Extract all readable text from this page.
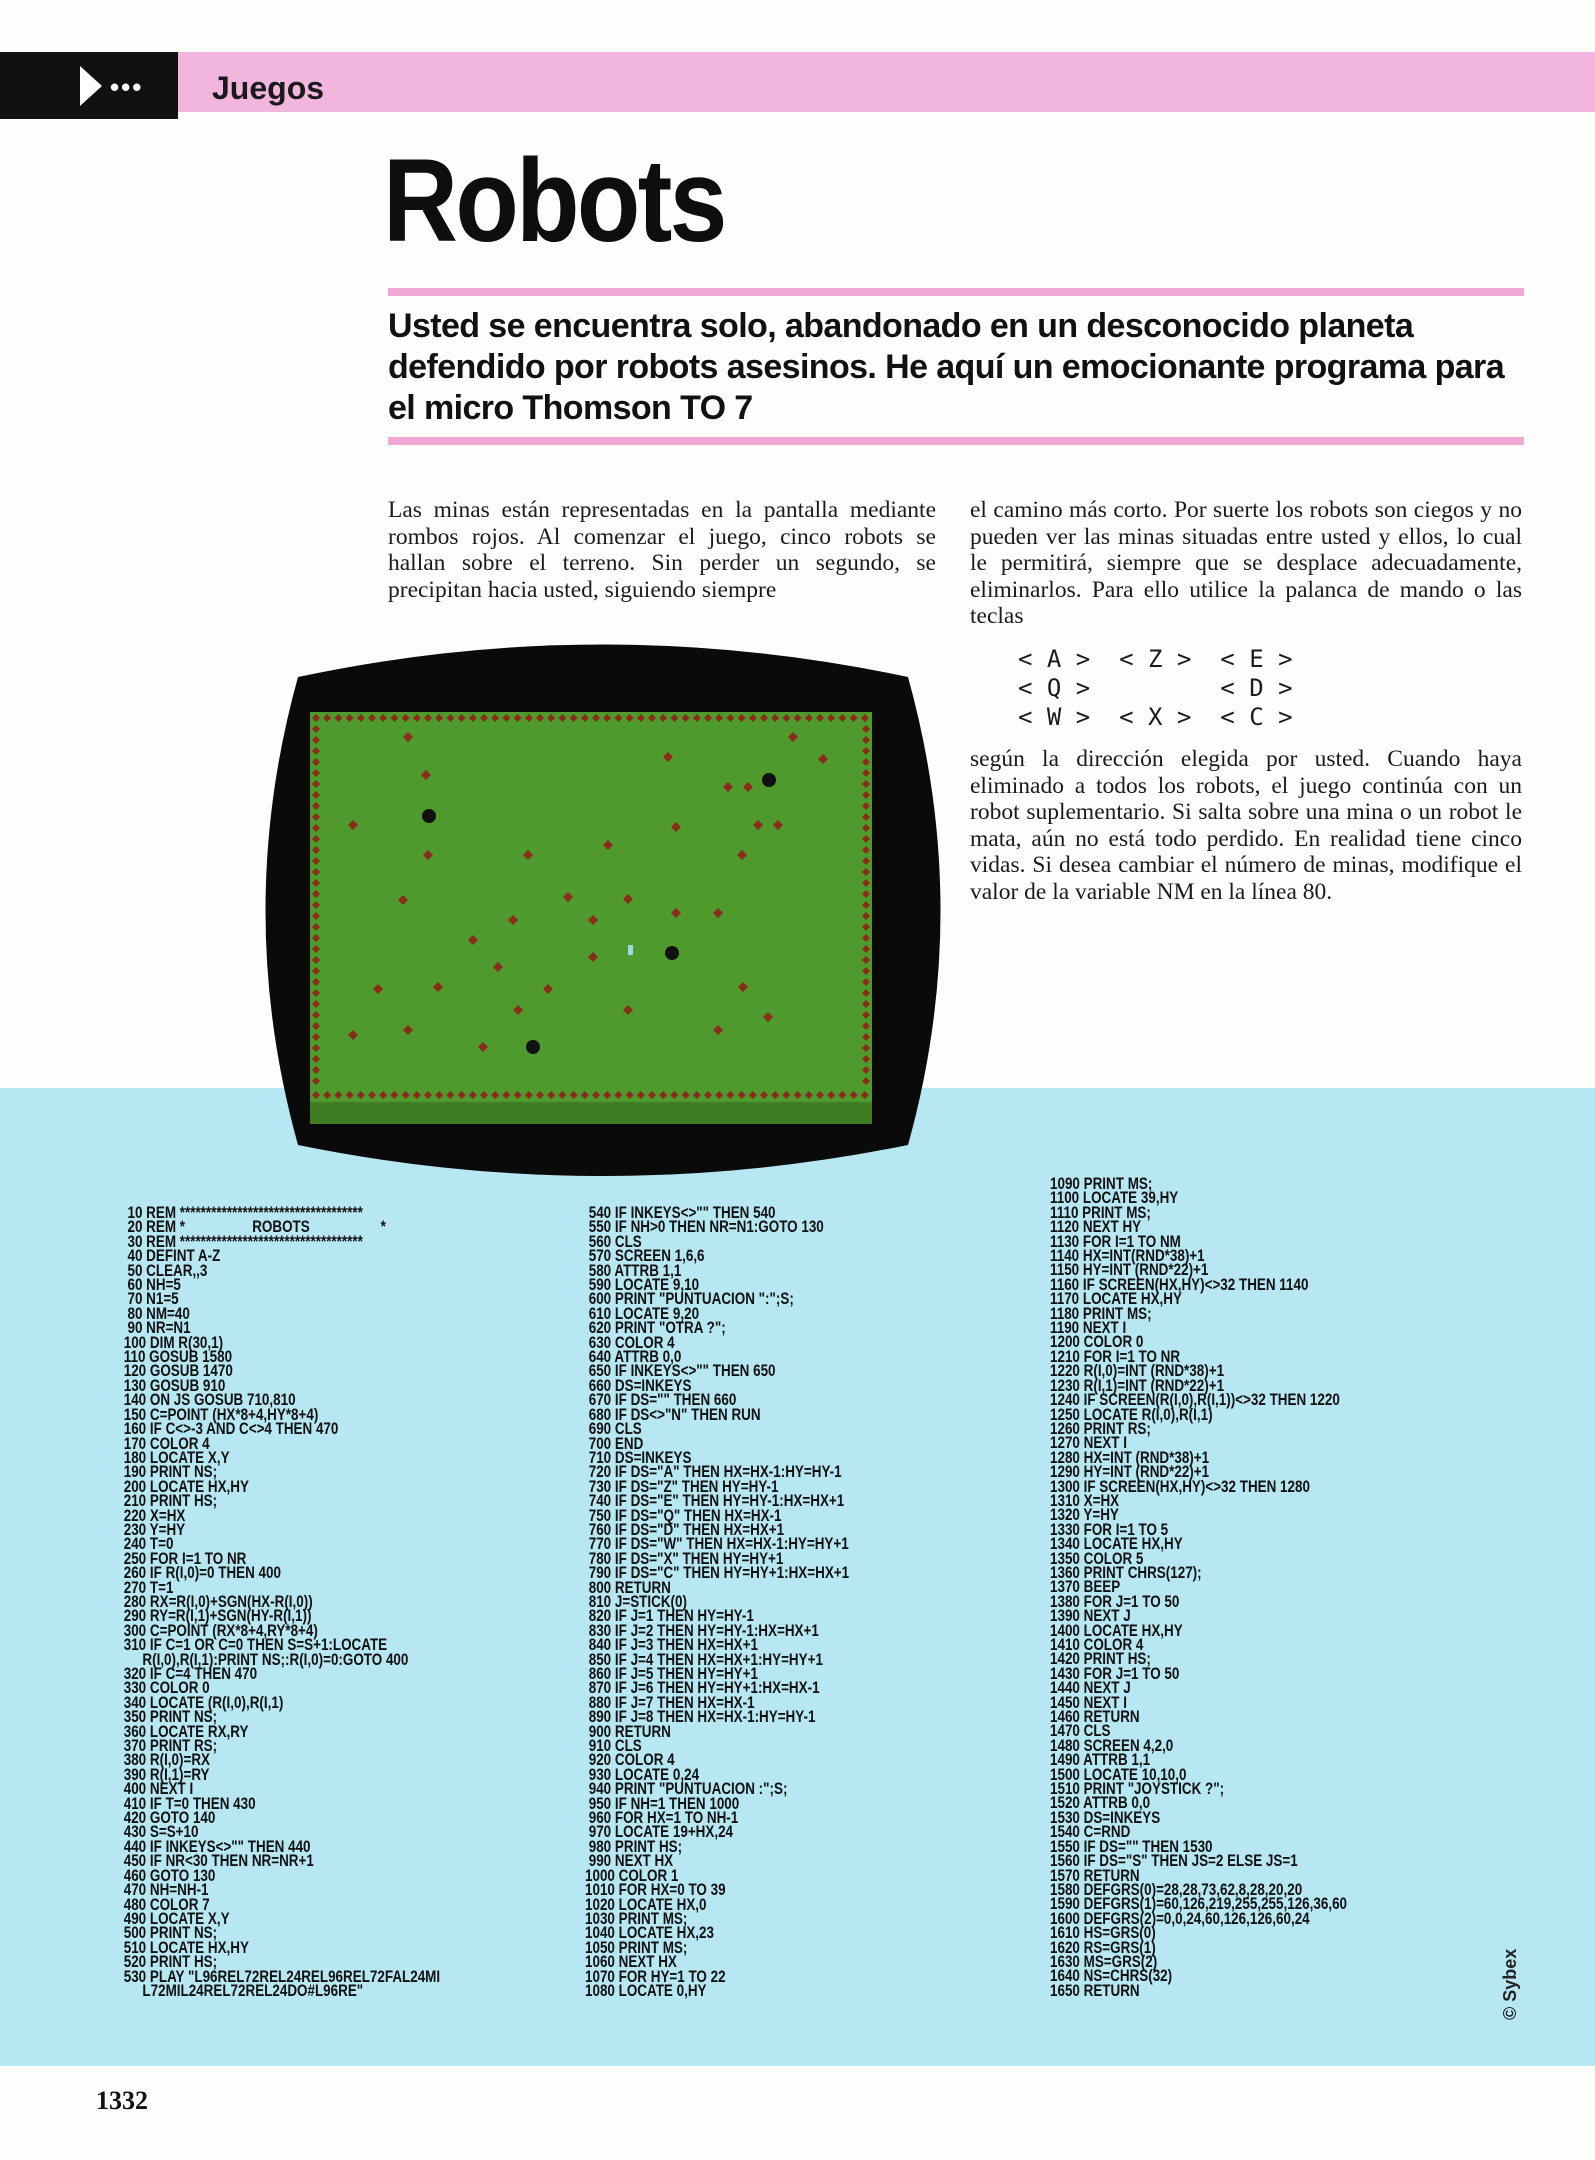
••• Juegos
Robots
Usted se encuentra solo, abandonado en un desconocido planeta defendido por robots asesinos. He aquí un emocionante programa para el micro Thomson TO 7
Las minas están representadas en la pantalla mediante rombos rojos. Al comenzar el juego, cinco robots se hallan sobre el terreno. Sin perder un segundo, se precipitan hacia usted, siguiendo siempre
el camino más corto. Por suerte los robots son ciegos y no pueden ver las minas situadas entre usted y ellos, lo cual le permitirá, siempre que se desplace adecuadamente, eliminarlos. Para ello utilice la palanca de mando o las teclas
< A >  < Z >  < E >
< Q >         < D >
< W >  < X >  < C >
según la dirección elegida por usted. Cuando haya eliminado a todos los robots, el juego continúa con un robot suplementario. Si salta sobre una mina o un robot le mata, aún no está todo perdido. En realidad tiene cinco vidas. Si desea cambiar el número de minas, modifique el valor de la variable NM en la línea 80.
10 REM ***********************************
20 REM *                  ROBOTS                   *
30 REM ***********************************
40 DEFINT A-Z
50 CLEAR,,3
60 NH=5
70 N1=5
80 NM=40
90 NR=N1
100 DIM R(30,1)
110 GOSUB 1580
120 GOSUB 1470
130 GOSUB 910
140 ON JS GOSUB 710,810
150 C=POINT (HX*8+4,HY*8+4)
160 IF C<>-3 AND C<>4 THEN 470
170 COLOR 4
180 LOCATE X,Y
190 PRINT NS;
200 LOCATE HX,HY
210 PRINT HS;
220 X=HX
230 Y=HY
240 T=0
250 FOR I=1 TO NR
260 IF R(I,0)=0 THEN 400
270 T=1
280 RX=R(I,0)+SGN(HX-R(I,0))
290 RY=R(I,1)+SGN(HY-R(I,1))
300 C=POINT (RX*8+4,RY*8+4)
310 IF C=1 OR C=0 THEN S=S+1:LOCATE
R(I,0),R(I,1):PRINT NS;:R(I,0)=0:GOTO 400
320 IF C=4 THEN 470
330 COLOR 0
340 LOCATE (R(I,0),R(I,1)
350 PRINT NS;
360 LOCATE RX,RY
370 PRINT RS;
380 R(I,0)=RX
390 R(I,1)=RY
400 NEXT I
410 IF T=0 THEN 430
420 GOTO 140
430 S=S+10
440 IF INKEYS<>"" THEN 440
450 IF NR<30 THEN NR=NR+1
460 GOTO 130
470 NH=NH-1
480 COLOR 7
490 LOCATE X,Y
500 PRINT NS;
510 LOCATE HX,HY
520 PRINT HS;
530 PLAY "L96REL72REL24REL96REL72FAL24MI
L72MIL24REL72REL24DO#L96RE"
540 IF INKEYS<>"" THEN 540
550 IF NH>0 THEN NR=N1:GOTO 130
560 CLS
570 SCREEN 1,6,6
580 ATTRB 1,1
590 LOCATE 9,10
600 PRINT "PUNTUACION ":";S;
610 LOCATE 9,20
620 PRINT "OTRA ?";
630 COLOR 4
640 ATTRB 0,0
650 IF INKEYS<>"" THEN 650
660 DS=INKEYS
670 IF DS="" THEN 660
680 IF DS<>"N" THEN RUN
690 CLS
700 END
710 DS=INKEYS
720 IF DS="A" THEN HX=HX-1:HY=HY-1
730 IF DS="Z" THEN HY=HY-1
740 IF DS="E" THEN HY=HY-1:HX=HX+1
750 IF DS="Q" THEN HX=HX-1
760 IF DS="D" THEN HX=HX+1
770 IF DS="W" THEN HX=HX-1:HY=HY+1
780 IF DS="X" THEN HY=HY+1
790 IF DS="C" THEN HY=HY+1:HX=HX+1
800 RETURN
810 J=STICK(0)
820 IF J=1 THEN HY=HY-1
830 IF J=2 THEN HY=HY-1:HX=HX+1
840 IF J=3 THEN HX=HX+1
850 IF J=4 THEN HX=HX+1:HY=HY+1
860 IF J=5 THEN HY=HY+1
870 IF J=6 THEN HY=HY+1:HX=HX-1
880 IF J=7 THEN HX=HX-1
890 IF J=8 THEN HX=HX-1:HY=HY-1
900 RETURN
910 CLS
920 COLOR 4
930 LOCATE 0,24
940 PRINT "PUNTUACION :";S;
950 IF NH=1 THEN 1000
960 FOR HX=1 TO NH-1
970 LOCATE 19+HX,24
980 PRINT HS;
990 NEXT HX
1000 COLOR 1
1010 FOR HX=0 TO 39
1020 LOCATE HX,0
1030 PRINT MS;
1040 LOCATE HX,23
1050 PRINT MS;
1060 NEXT HX
1070 FOR HY=1 TO 22
1080 LOCATE 0,HY
1090 PRINT MS;
1100 LOCATE 39,HY
1110 PRINT MS;
1120 NEXT HY
1130 FOR I=1 TO NM
1140 HX=INT(RND*38)+1
1150 HY=INT (RND*22)+1
1160 IF SCREEN(HX,HY)<>32 THEN 1140
1170 LOCATE HX,HY
1180 PRINT MS;
1190 NEXT I
1200 COLOR 0
1210 FOR I=1 TO NR
1220 R(I,0)=INT (RND*38)+1
1230 R(I,1)=INT (RND*22)+1
1240 IF SCREEN(R(I,0),R(I,1))<>32 THEN 1220
1250 LOCATE R(I,0),R(I,1)
1260 PRINT RS;
1270 NEXT I
1280 HX=INT (RND*38)+1
1290 HY=INT (RND*22)+1
1300 IF SCREEN(HX,HY)<>32 THEN 1280
1310 X=HX
1320 Y=HY
1330 FOR I=1 TO 5
1340 LOCATE HX,HY
1350 COLOR 5
1360 PRINT CHRS(127);
1370 BEEP
1380 FOR J=1 TO 50
1390 NEXT J
1400 LOCATE HX,HY
1410 COLOR 4
1420 PRINT HS;
1430 FOR J=1 TO 50
1440 NEXT J
1450 NEXT I
1460 RETURN
1470 CLS
1480 SCREEN 4,2,0
1490 ATTRB 1,1
1500 LOCATE 10,10,0
1510 PRINT "JOYSTICK ?";
1520 ATTRB 0,0
1530 DS=INKEYS
1540 C=RND
1550 IF DS="" THEN 1530
1560 IF DS="S" THEN JS=2 ELSE JS=1
1570 RETURN
1580 DEFGRS(0)=28,28,73,62,8,28,20,20
1590 DEFGRS(1)=60,126,219,255,255,126,36,60
1600 DEFGRS(2)=0,0,24,60,126,126,60,24
1610 HS=GRS(0)
1620 RS=GRS(1)
1630 MS=GRS(2)
1640 NS=CHRS(32)
1650 RETURN
1332
© Sybex
